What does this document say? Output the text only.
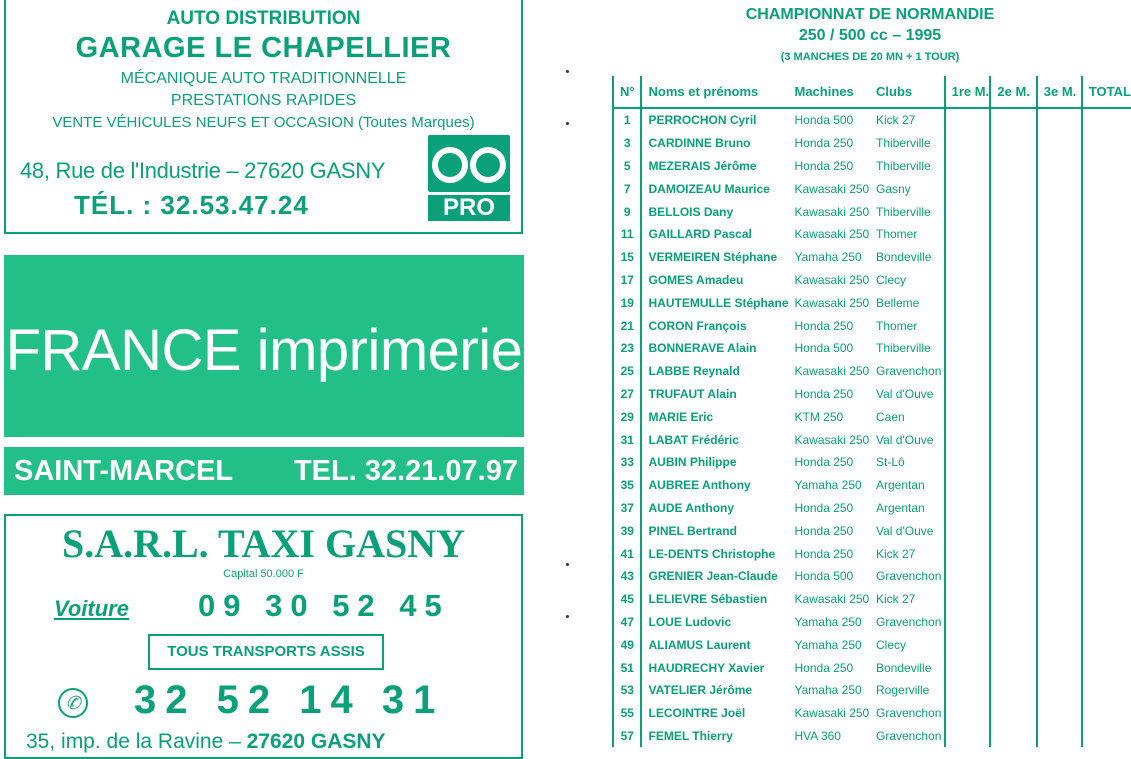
AUTO DISTRIBUTION
GARAGE LE CHAPELLIER
MÉCANIQUE AUTO TRADITIONNELLE
PRESTATIONS RAPIDES
VENTE VÉHICULES NEUFS ET OCCASION (Toutes Marques)
48, Rue de l'Industrie – 27620 GASNY
TÉL. : 32.53.47.24	PRO
FRANCE imprimerie
SAINT-MARCEL TEL. 32.21.07.97
S.A.R.L. TAXI GASNY
Capital 50.000 F
Voiture 09 30 52 45
TOUS TRANSPORTS ASSIS
✆ 32 52 14 31
35, imp. de la Ravine – 27620 GASNY
CHAMPIONNAT DE NORMANDIE
250 / 500 cc – 1995
(3 MANCHES DE 20 MN + 1 TOUR)
N°	Noms et prénoms	Machines	Clubs	1re M.	2e M.	3e M.	TOTAL
1	PERROCHON Cyril	Honda 500	Kick 27				
3	CARDINNE Bruno	Honda 250	Thiberville				
5	MEZERAIS Jérôme	Honda 250	Thiberville				
7	DAMOIZEAU Maurice	Kawasaki 250	Gasny				
9	BELLOIS Dany	Kawasaki 250	Thiberville				
11	GAILLARD Pascal	Kawasaki 250	Thomer				
15	VERMEIREN Stéphane	Yamaha 250	Bondeville				
17	GOMES Amadeu	Kawasaki 250	Clecy				
19	HAUTEMULLE Stéphane	Kawasaki 250	Belleme				
21	CORON François	Honda 250	Thomer				
23	BONNERAVE Alain	Honda 500	Thiberville				
25	LABBE Reynald	Kawasaki 250	Gravenchon				
27	TRUFAUT Alain	Honda 250	Val d'Ouve				
29	MARIE Eric	KTM 250	Caen				
31	LABAT Frédéric	Kawasaki 250	Val d'Ouve				
33	AUBIN Philippe	Honda 250	St-Lô				
35	AUBREE Anthony	Yamaha 250	Argentan				
37	AUDE Anthony	Honda 250	Argentan				
39	PINEL Bertrand	Honda 250	Val d'Ouve				
41	LE-DENTS Christophe	Honda 250	Kick 27				
43	GRENIER Jean-Claude	Honda 500	Gravenchon				
45	LELIEVRE Sébastien	Kawasaki 250	Kick 27				
47	LOUE Ludovic	Yamaha 250	Gravenchon				
49	ALIAMUS Laurent	Yamaha 250	Clecy				
51	HAUDRECHY Xavier	Honda 250	Bondeville				
53	VATELIER Jérôme	Yamaha 250	Rogerville				
55	LECOINTRE Joël	Kawasaki 250	Gravenchon				
57	FEMEL Thierry	HVA 360	Gravenchon				
